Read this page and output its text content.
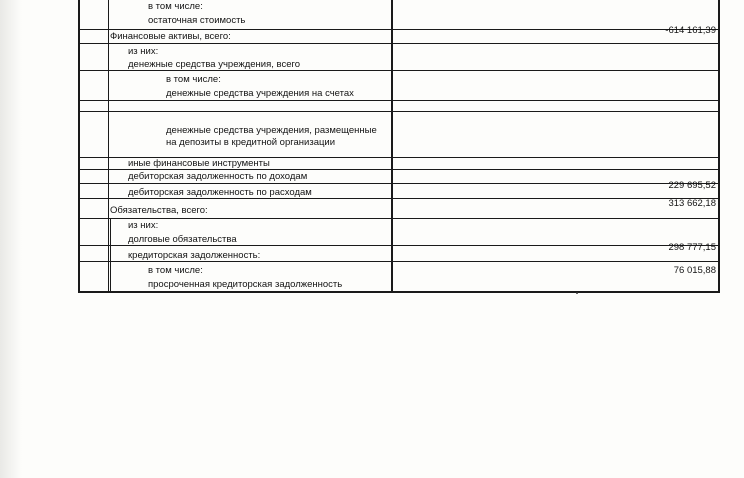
в том числе:
остаточная стоимость
Финансовые активы, всего:
-614 161,39
из них:
денежные средства учреждения, всего
в том числе:
денежные средства учреждения на счетах
денежные средства учреждения, размещенные
на депозиты в кредитной организации
иные финансовые инструменты
дебиторская задолженность по доходам
дебиторская задолженность по расходам
229 695,52
Обязательства, всего:
313 662,18
из них:
долговые обязательства
кредиторская задолженность:
298 777,15
в том числе:
просроченная кредиторская задолженность
76 015,88
